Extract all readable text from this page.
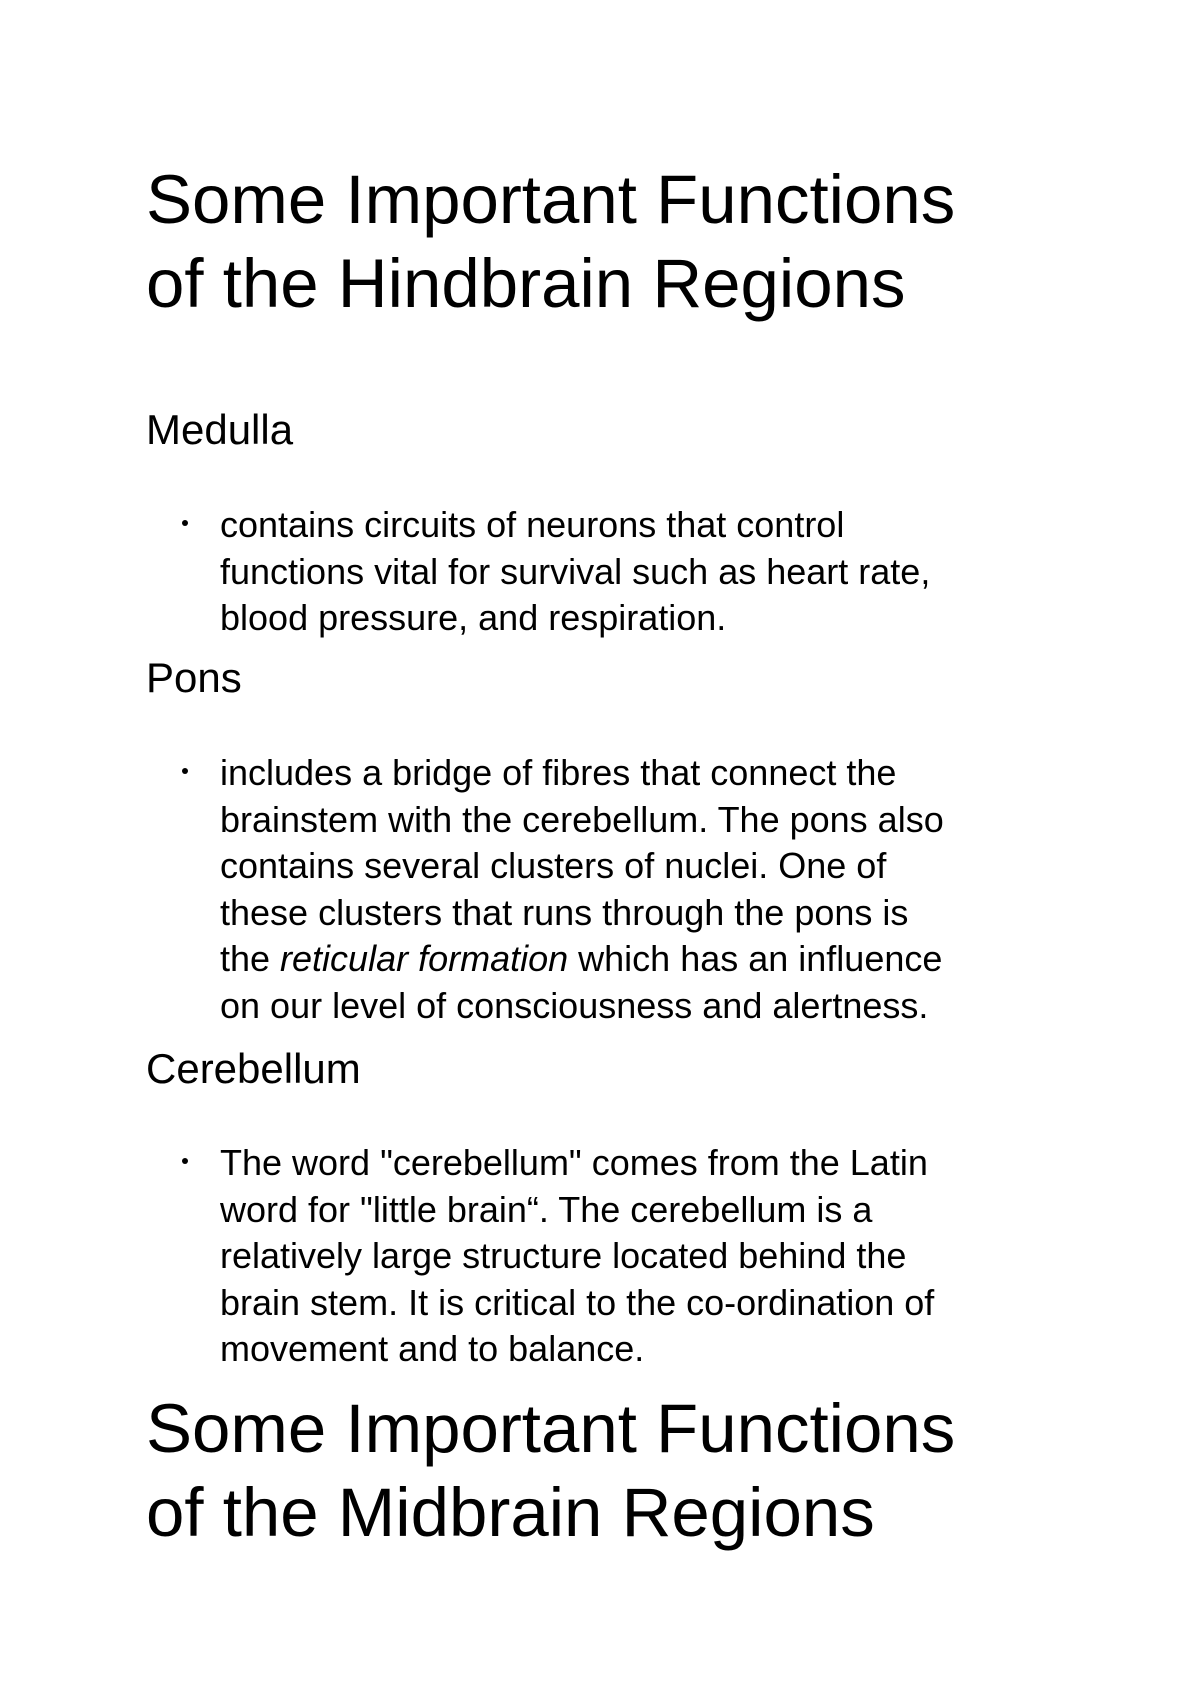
Some Important Functions
of the Hindbrain Regions
Medulla
contains circuits of neurons that control
functions vital for survival such as heart rate,
blood pressure, and respiration.
Pons
includes a bridge of fibres that connect the
brainstem with the cerebellum. The pons also
contains several clusters of nuclei. One of
these clusters that runs through the pons is
the reticular formation which has an influence
on our level of consciousness and alertness.
Cerebellum
The word "cerebellum" comes from the Latin
word for "little brain“. The cerebellum is a
relatively large structure located behind the
brain stem. It is critical to the co-ordination of
movement and to balance.
Some Important Functions
of the Midbrain Regions
